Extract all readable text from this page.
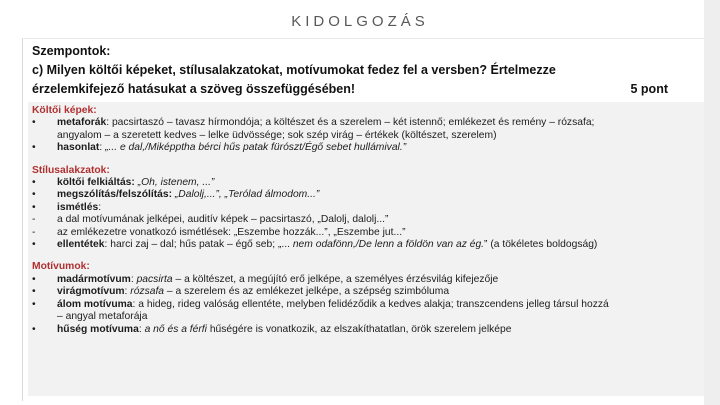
KIDOLGOZÁS
Szempontok:
c) Milyen költői képeket, stílusalakzatokat, motívumokat fedez fel a versben? Értelmezze
érzelemkifejező hatásukat a szöveg összefüggésében!	5 pont
Költői képek:
•	metaforák: pacsirtaszó – tavasz hírmondója; a költészet és a szerelem – két istennő; emlékezet és remény – rózsafa;
angyalom – a szeretett kedves – lelke üdvössége; sok szép virág – értékek (költészet, szerelem)
•	hasonlat: „... e dal,/Miképptha bérci hűs patak fürószt/Égő sebet hullámival.”
Stílusalakzatok:
•	költői felkiáltás: „Oh, istenem, ...”
•	megszólítás/felszólítás: „Dalolj,...”, „Terólad álmodom...”
•	ismétlés:
-	a dal motívumának jelképei, auditív képek – pacsirtaszó, „Dalolj, dalolj...”
-	az emlékezetre vonatkozó ismétlések: „Eszembe hozzák...”, „Eszembe jut...”
•	ellentétek: harci zaj – dal; hűs patak – égő seb; „... nem odafönn,/De lenn a földön van az ég.” (a tökéletes boldogság)
Motívumok:
•	madármotívum: pacsirta – a költészet, a megújító erő jelképe, a személyes érzésvilág kifejezője
•	virágmotívum: rózsafa – a szerelem és az emlékezet jelképe, a szépség szimbóluma
•	álom motívuma: a hideg, rideg valóság ellentéte, melyben felidéződik a kedves alakja; transzcendens jelleg társul hozzá
– angyal metaforája
•	hűség motívuma: a nő és a férfi hűségére is vonatkozik, az elszakíthatatlan, örök szerelem jelképe
